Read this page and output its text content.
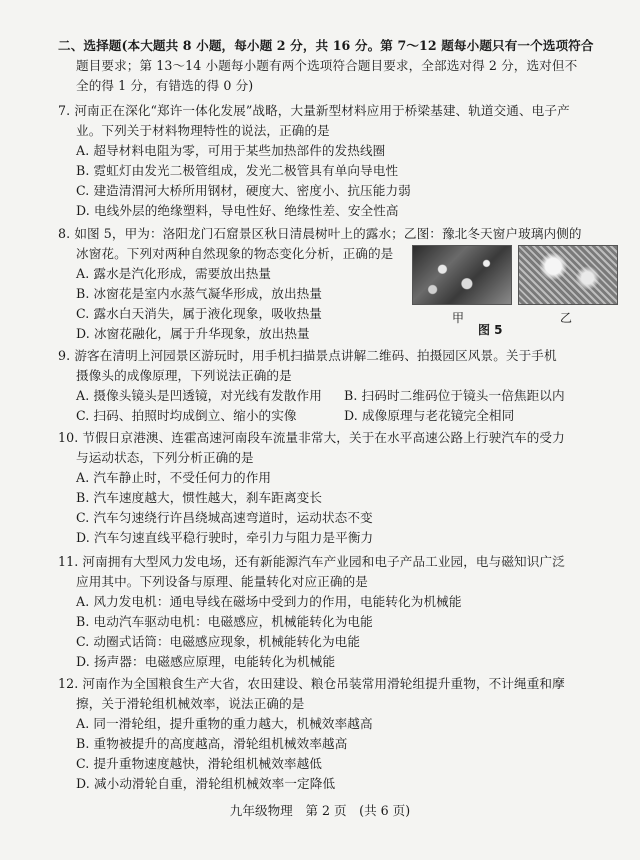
二、选择题(本大题共 8 小题，每小题 2 分，共 16 分。第 7～12 题每小题只有一个选项符合
题目要求；第 13～14 小题每小题有两个选项符合题目要求，全部选对得 2 分，选对但不
全的得 1 分，有错选的得 0 分)
7. 河南正在深化“郑许一体化发展”战略，大量新型材料应用于桥梁基建、轨道交通、电子产
业。下列关于材料物理特性的说法，正确的是
A. 超导材料电阻为零，可用于某些加热部件的发热线圈
B. 霓虹灯由发光二极管组成，发光二极管具有单向导电性
C. 建造清渭河大桥所用钢材，硬度大、密度小、抗压能力弱
D. 电线外层的绝缘塑料，导电性好、绝缘性差、安全性高
8. 如图 5，甲为：洛阳龙门石窟景区秋日清晨树叶上的露水；乙图：豫北冬天窗户玻璃内侧的
冰窗花。下列对两种自然现象的物态变化分析，正确的是
A. 露水是汽化形成，需要放出热量
B. 冰窗花是室内水蒸气凝华形成，放出热量
C. 露水白天消失，属于液化现象，吸收热量
D. 冰窗花融化，属于升华现象，放出热量
甲	乙
图 5
9. 游客在清明上河园景区游玩时，用手机扫描景点讲解二维码、拍摄园区风景。关于手机
摄像头的成像原理，下列说法正确的是
A. 摄像头镜头是凹透镜，对光线有发散作用 B. 扫码时二维码位于镜头一倍焦距以内
C. 扫码、拍照时均成倒立、缩小的实像	D. 成像原理与老花镜完全相同
10. 节假日京港澳、连霍高速河南段车流量非常大，关于在水平高速公路上行驶汽车的受力
与运动状态，下列分析正确的是
A. 汽车静止时，不受任何力的作用
B. 汽车速度越大，惯性越大，刹车距离变长
C. 汽车匀速绕行许昌绕城高速弯道时，运动状态不变
D. 汽车匀速直线平稳行驶时，牵引力与阻力是平衡力
11. 河南拥有大型风力发电场，还有新能源汽车产业园和电子产品工业园，电与磁知识广泛
应用其中。下列设备与原理、能量转化对应正确的是
A. 风力发电机：通电导线在磁场中受到力的作用，电能转化为机械能
B. 电动汽车驱动电机：电磁感应，机械能转化为电能
C. 动圈式话筒：电磁感应现象，机械能转化为电能
D. 扬声器：电磁感应原理，电能转化为机械能
12. 河南作为全国粮食生产大省，农田建设、粮仓吊装常用滑轮组提升重物，不计绳重和摩
擦，关于滑轮组机械效率，说法正确的是
A. 同一滑轮组，提升重物的重力越大，机械效率越高
B. 重物被提升的高度越高，滑轮组机械效率越高
C. 提升重物速度越快，滑轮组机械效率越低
D. 减小动滑轮自重，滑轮组机械效率一定降低
九年级物理　第 2 页　(共 6 页)
